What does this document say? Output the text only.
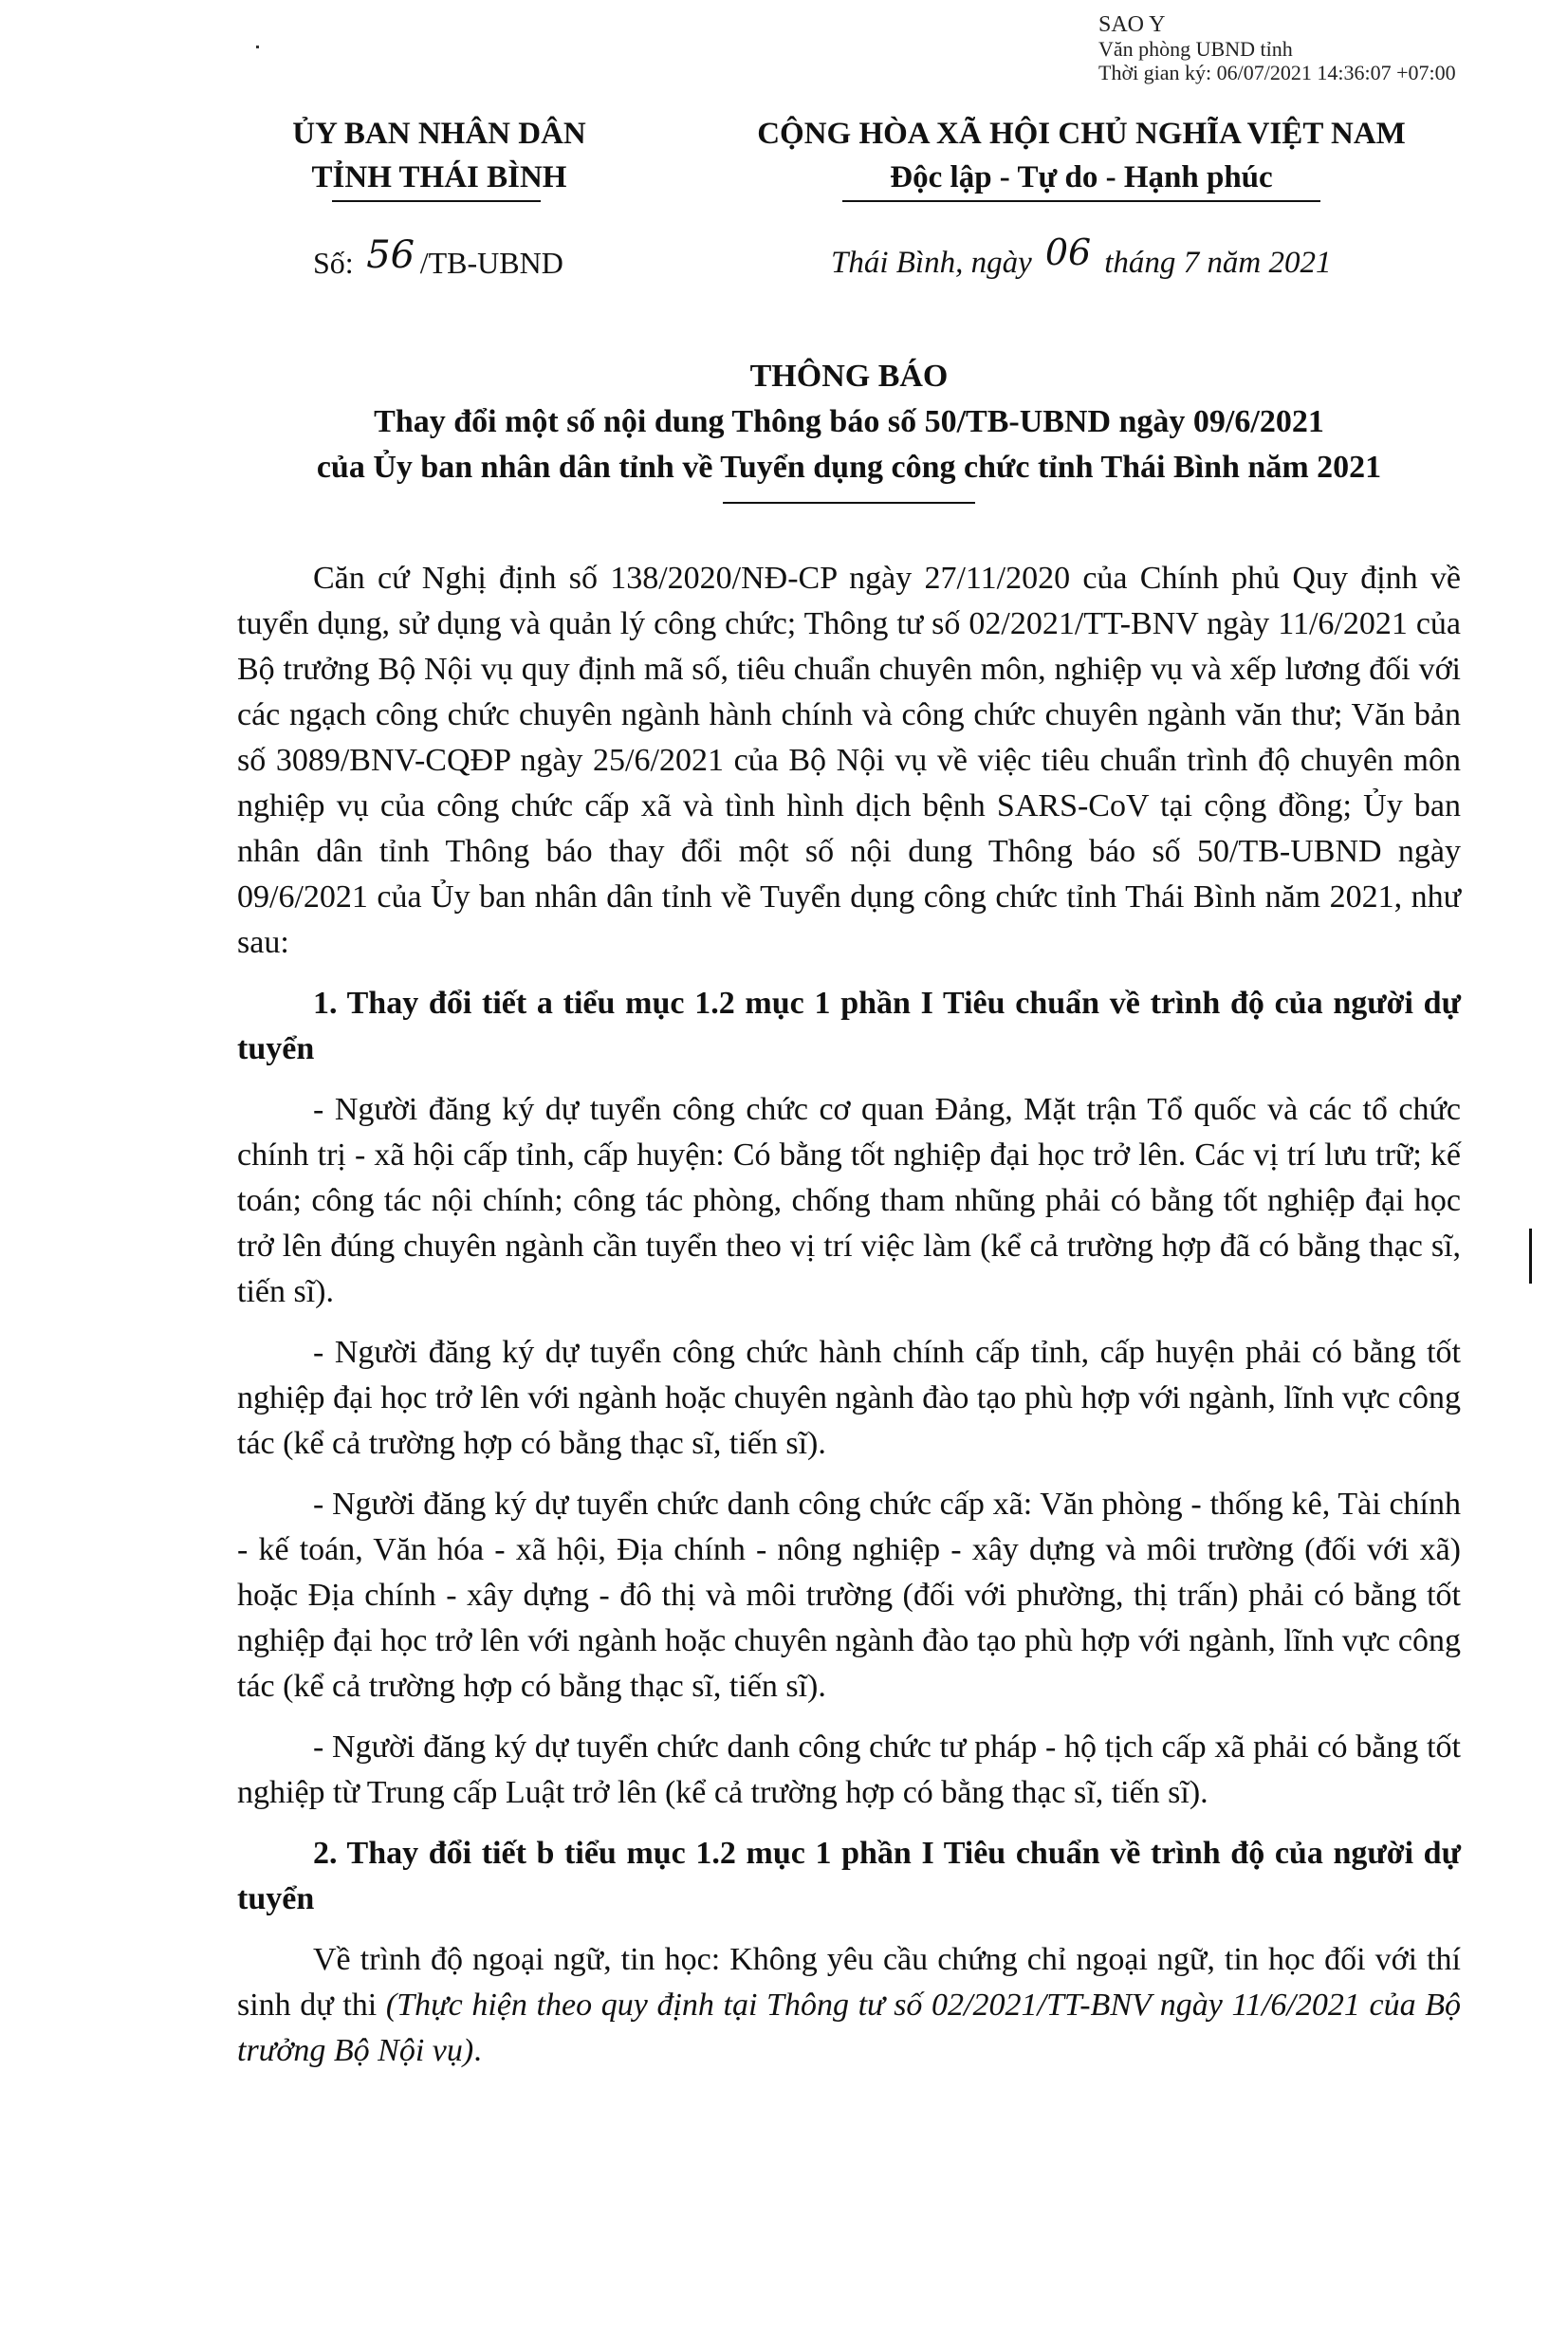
SAO Y
Văn phòng UBND tỉnh
Thời gian ký: 06/07/2021 14:36:07 +07:00
ỦY BAN NHÂN DÂN
TỈNH THÁI BÌNH
CỘNG HÒA XÃ HỘI CHỦ NGHĨA VIỆT NAM
Độc lập - Tự do - Hạnh phúc
Số: 56 /TB-UBND	Thái Bình, ngày 06 tháng 7 năm 2021
THÔNG BÁO
Thay đổi một số nội dung Thông báo số 50/TB-UBND ngày 09/6/2021
của Ủy ban nhân dân tỉnh về Tuyển dụng công chức tỉnh Thái Bình năm 2021

Căn cứ Nghị định số 138/2020/NĐ-CP ngày 27/11/2020 của Chính phủ Quy định về tuyển dụng, sử dụng và quản lý công chức; Thông tư số 02/2021/TT-BNV ngày 11/6/2021 của Bộ trưởng Bộ Nội vụ quy định mã số, tiêu chuẩn chuyên môn, nghiệp vụ và xếp lương đối với các ngạch công chức chuyên ngành hành chính và công chức chuyên ngành văn thư; Văn bản số 3089/BNV-CQĐP ngày 25/6/2021 của Bộ Nội vụ về việc tiêu chuẩn trình độ chuyên môn nghiệp vụ của công chức cấp xã và tình hình dịch bệnh SARS-CoV tại cộng đồng; Ủy ban nhân dân tỉnh Thông báo thay đổi một số nội dung Thông báo số 50/TB-UBND ngày 09/6/2021 của Ủy ban nhân dân tỉnh về Tuyển dụng công chức tỉnh Thái Bình năm 2021, như sau:

1. Thay đổi tiết a tiểu mục 1.2 mục 1 phần I Tiêu chuẩn về trình độ của người dự tuyển

- Người đăng ký dự tuyển công chức cơ quan Đảng, Mặt trận Tổ quốc và các tổ chức chính trị - xã hội cấp tỉnh, cấp huyện: Có bằng tốt nghiệp đại học trở lên. Các vị trí lưu trữ; kế toán; công tác nội chính; công tác phòng, chống tham nhũng phải có bằng tốt nghiệp đại học trở lên đúng chuyên ngành cần tuyển theo vị trí việc làm (kể cả trường hợp đã có bằng thạc sĩ, tiến sĩ).

- Người đăng ký dự tuyển công chức hành chính cấp tỉnh, cấp huyện phải có bằng tốt nghiệp đại học trở lên với ngành hoặc chuyên ngành đào tạo phù hợp với ngành, lĩnh vực công tác (kể cả trường hợp có bằng thạc sĩ, tiến sĩ).

- Người đăng ký dự tuyển chức danh công chức cấp xã: Văn phòng - thống kê, Tài chính - kế toán, Văn hóa - xã hội, Địa chính - nông nghiệp - xây dựng và môi trường (đối với xã) hoặc Địa chính - xây dựng - đô thị và môi trường (đối với phường, thị trấn) phải có bằng tốt nghiệp đại học trở lên với ngành hoặc chuyên ngành đào tạo phù hợp với ngành, lĩnh vực công tác (kể cả trường hợp có bằng thạc sĩ, tiến sĩ).

- Người đăng ký dự tuyển chức danh công chức tư pháp - hộ tịch cấp xã phải có bằng tốt nghiệp từ Trung cấp Luật trở lên (kể cả trường hợp có bằng thạc sĩ, tiến sĩ).

2. Thay đổi tiết b tiểu mục 1.2 mục 1 phần I Tiêu chuẩn về trình độ của người dự tuyển

Về trình độ ngoại ngữ, tin học: Không yêu cầu chứng chỉ ngoại ngữ, tin học đối với thí sinh dự thi (Thực hiện theo quy định tại Thông tư số 02/2021/TT-BNV ngày 11/6/2021 của Bộ trưởng Bộ Nội vụ).
